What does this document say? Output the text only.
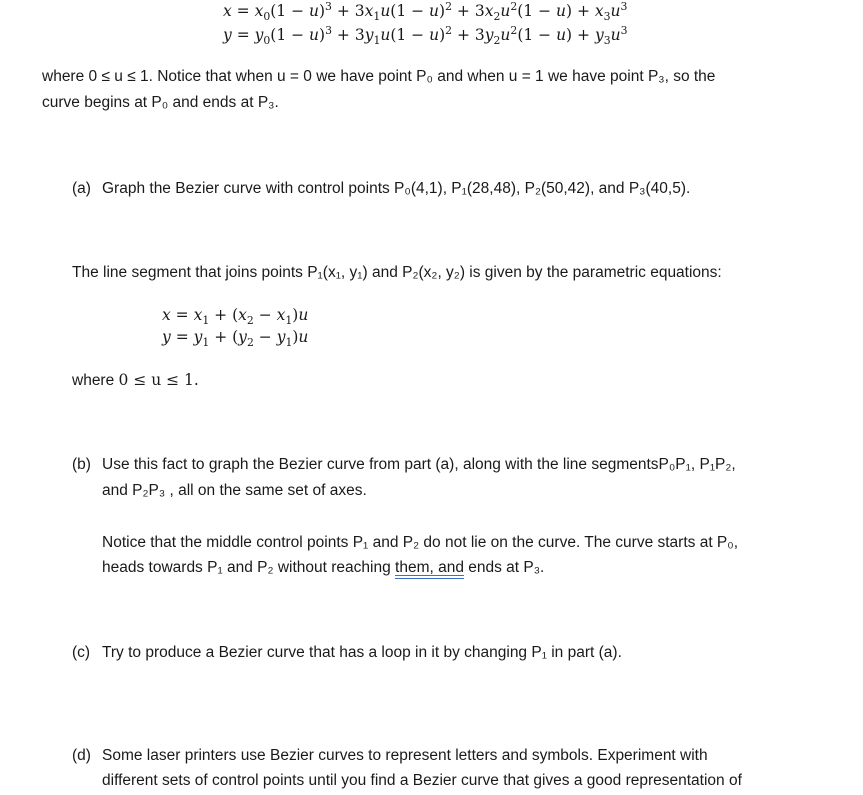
$x = x_0(1 - u)^3 + 3x_1u(1 - u)^2 + 3x_2u^2(1 - u) + x_3u^3$
$y = y_0(1 - u)^3 + 3y_1u(1 - u)^2 + 3y_2u^2(1 - u) + y_3u^3$
where 0 ≤ u ≤ 1. Notice that when u = 0 we have point P₀ and when u = 1 we have point P₃, so the
curve begins at P₀ and ends at P₃.
(a) Graph the Bezier curve with control points P₀(4,1), P₁(28,48), P₂(50,42), and P₃(40,5).
The line segment that joins points P₁(x₁, y₁) and P₂(x₂, y₂) is given by the parametric equations:
$x = x_1 + (x_2 - x_1)u$
$y = y_1 + (y_2 - y_1)u$
where 0 ≤ u ≤ 1.
(b) Use this fact to graph the Bezier curve from part (a), along with the line segmentsP₀P₁, P₁P₂,
and P₂P₃ , all on the same set of axes.
Notice that the middle control points P₁ and P₂ do not lie on the curve. The curve starts at P₀,
heads towards P₁ and P₂ without reaching them, and ends at P₃.
(c) Try to produce a Bezier curve that has a loop in it by changing P₁ in part (a).
(d) Some laser printers use Bezier curves to represent letters and symbols. Experiment with
different sets of control points until you find a Bezier curve that gives a good representation of
